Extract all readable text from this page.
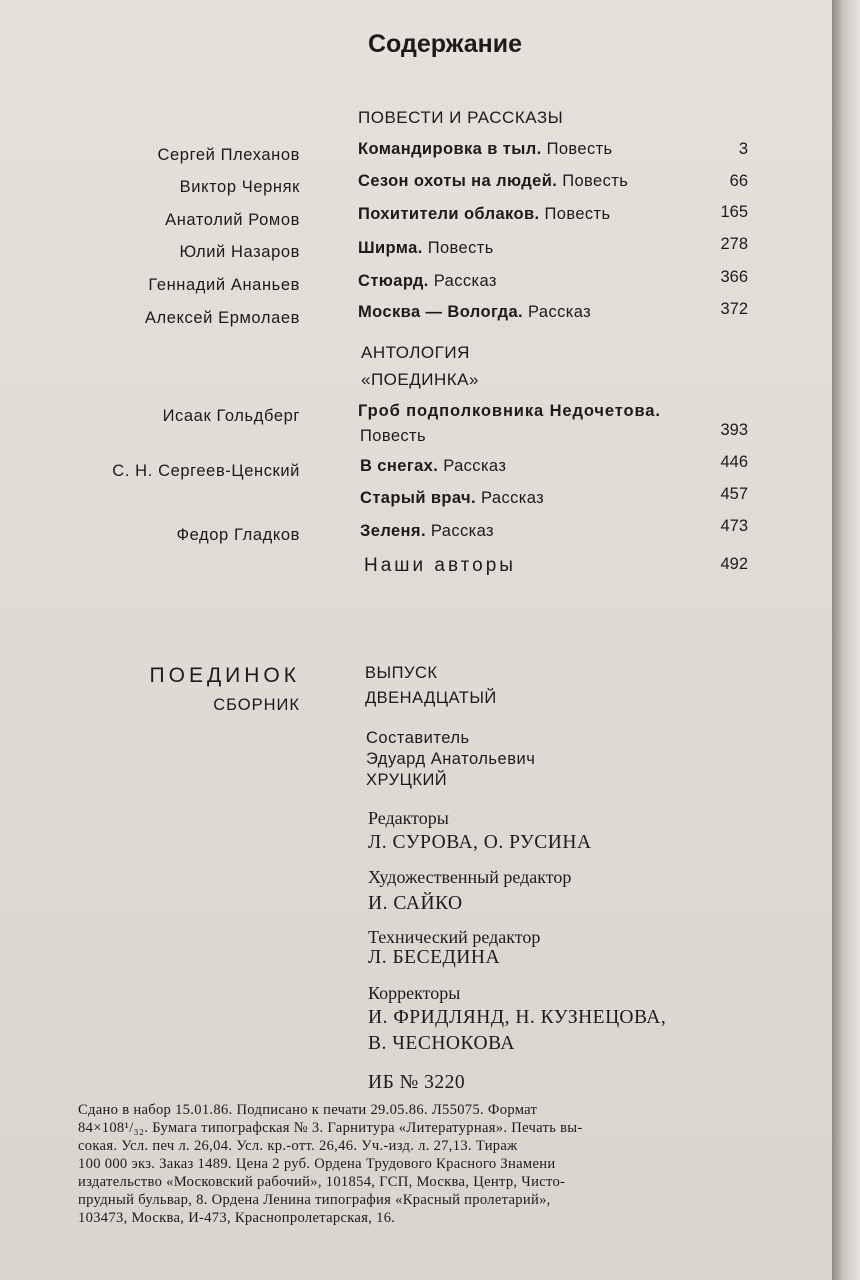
Содержание
ПОВЕСТИ И РАССКАЗЫ
Сергей Плеханов	Командировка в тыл. Повесть	3
Виктор Черняк	Сезон охоты на людей. Повесть	66
Анатолий Ромов	Похитители облаков. Повесть	165
Юлий Назаров	Ширма. Повесть	278
Геннадий Ананьев	Стюард. Рассказ	366
Алексей Ермолаев	Москва — Вологда. Рассказ	372
АНТОЛОГИЯ
«ПОЕДИНКА»
Исаак Гольдберг	Гроб подполковника Недочетова.
Повесть	393
С. Н. Сергеев-Ценский	В снегах. Рассказ	446
Старый врач. Рассказ	457
Федор Гладков	Зеленя. Рассказ	473
Наши авторы	492
ПОЕДИНОК
СБОРНИК
ВЫПУСК
ДВЕНАДЦАТЫЙ
Составитель
Эдуард Анатольевич
ХРУЦКИЙ
Редакторы
Л. СУРОВА, О. РУСИНА
Художественный редактор
И. САЙКО
Технический редактор
Л. БЕСЕДИНА
Корректоры
И. ФРИДЛЯНД, Н. КУЗНЕЦОВА,
В. ЧЕСНОКОВА
ИБ № 3220
Сдано в набор 15.01.86. Подписано к печати 29.05.86. Л55075. Формат
84×108¹/₃₂. Бумага типографская № 3. Гарнитура «Литературная». Печать вы-
сокая. Усл. печ л. 26,04. Усл. кр.-отт. 26,46. Уч.-изд. л. 27,13. Тираж
100 000 экз. Заказ 1489. Цена 2 руб. Ордена Трудового Красного Знамени
издательство «Московский рабочий», 101854, ГСП, Москва, Центр, Чисто-
прудный бульвар, 8. Ордена Ленина типография «Красный пролетарий»,
103473, Москва, И-473, Краснопролетарская, 16.
